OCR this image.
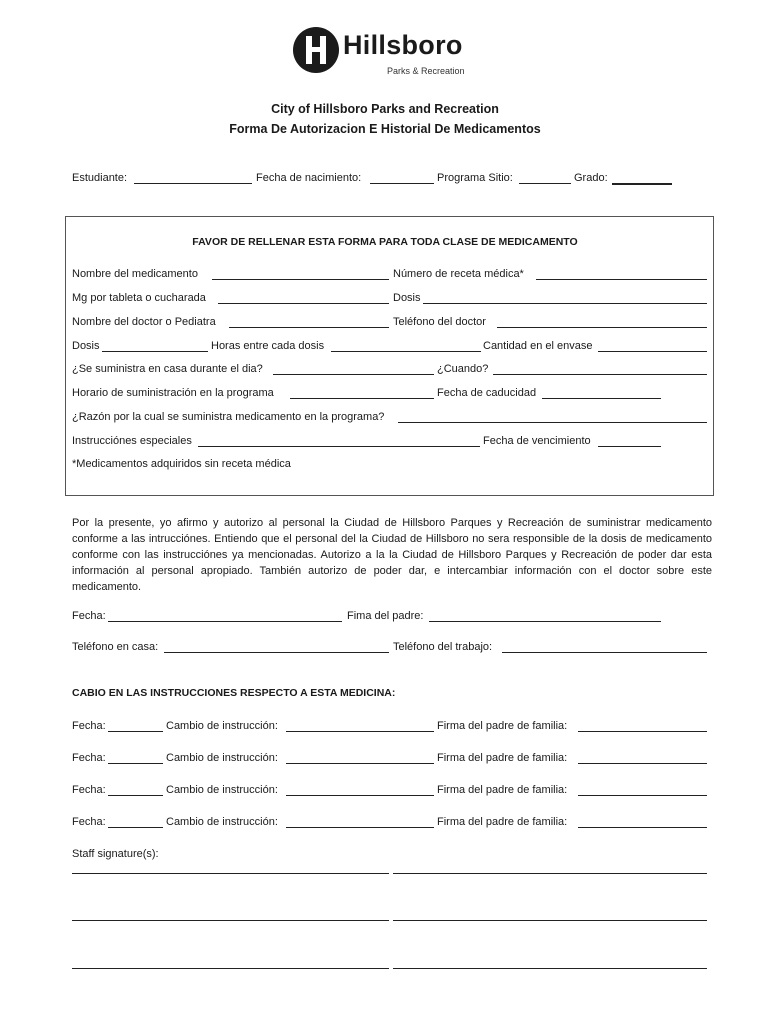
Hillsboro
Parks & Recreation
City of Hillsboro Parks and Recreation
Forma De Autorizacion E Historial De Medicamentos
Estudiante:	Fecha de nacimiento:	Programa Sitio:	Grado:
FAVOR DE RELLENAR ESTA FORMA PARA TODA CLASE DE MEDICAMENTO
Nombre del medicamento	Número de receta médica*
Mg por tableta o cucharada	Dosis
Nombre del doctor o Pediatra	Teléfono del doctor
Dosis	Horas entre cada dosis	Cantidad en el envase
¿Se suministra en casa durante el dia?	¿Cuando?
Horario de suministración en la programa	Fecha de caducidad
¿Razón por la cual se suministra medicamento en la programa?
Instrucciónes especiales	Fecha de vencimiento
*Medicamentos adquiridos sin receta médica
Por la presente, yo afirmo y autorizo al personal la Ciudad de Hillsboro Parques y Recreación de suministrar medicamento conforme a las intrucciónes. Entiendo que el personal del la Ciudad de Hillsboro no sera responsible de la dosis de medicamento conforme con las instrucciónes ya mencionadas. Autorizo a la la Ciudad de Hillsboro Parques y Recreación de poder dar esta información al personal apropiado. También autorizo de poder dar, e intercambiar información con el doctor sobre este medicamento.
Fecha:	Fima del padre:
Teléfono en casa:	Teléfono del trabajo:
CABIO EN LAS INSTRUCCIONES RESPECTO A ESTA MEDICINA:
Fecha:	Cambio de instrucción:	Firma del padre de familia:
Fecha:	Cambio de instrucción:	Firma del padre de familia:
Fecha:	Cambio de instrucción:	Firma del padre de familia:
Fecha:	Cambio de instrucción:	Firma del padre de familia:
Staff signature(s):
